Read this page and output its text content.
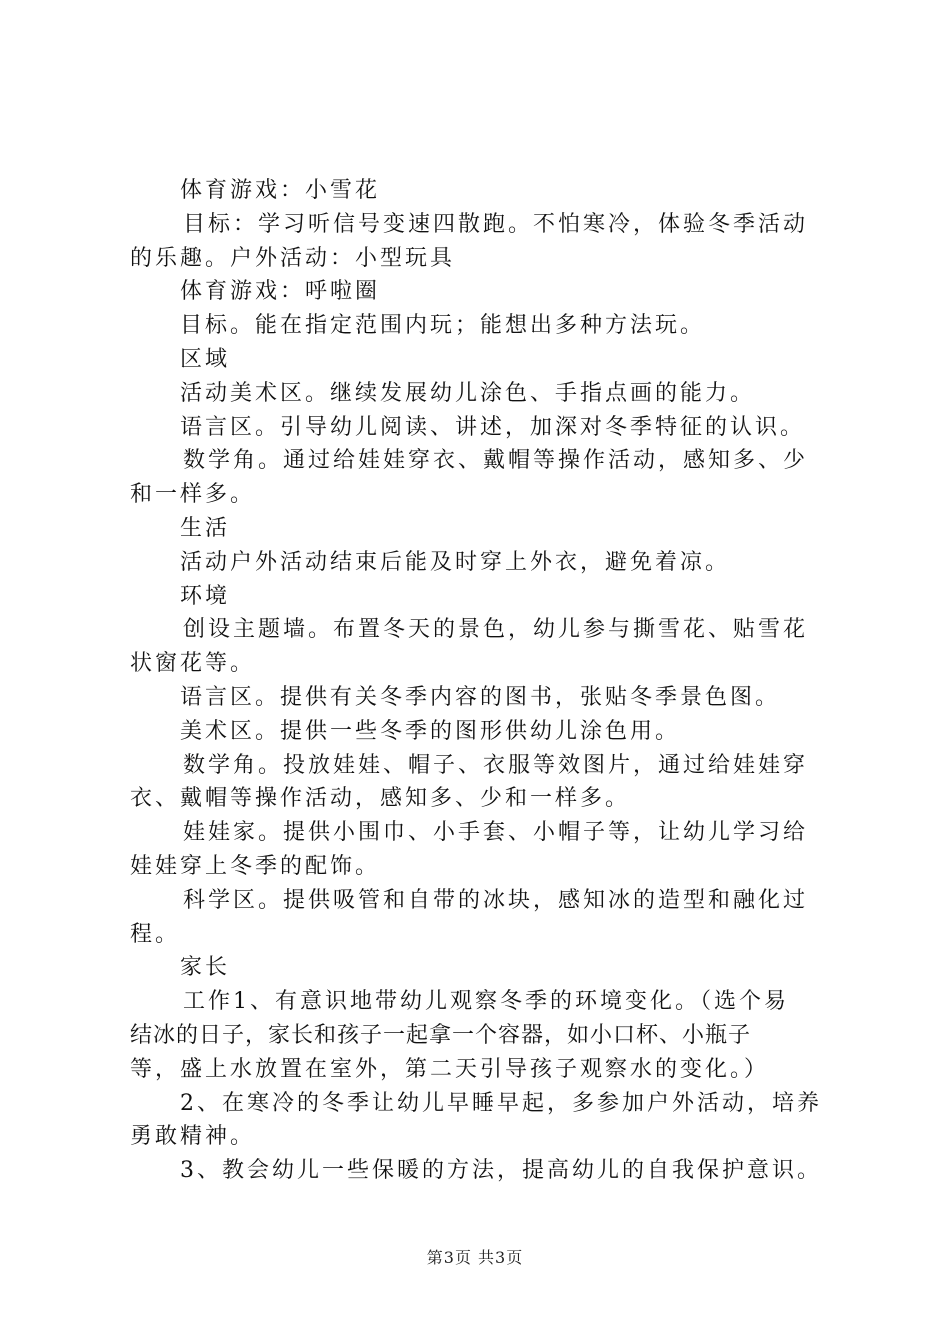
体育游戏：小雪花

目标：学习听信号变速四散跑。不怕寒冷，体验冬季活动

的乐趣。户外活动：小型玩具

体育游戏：呼啦圈

目标。能在指定范围内玩；能想出多种方法玩。

区域

活动美术区。继续发展幼儿涂色、手指点画的能力。

语言区。引导幼儿阅读、讲述，加深对冬季特征的认识。

数学角。通过给娃娃穿衣、戴帽等操作活动，感知多、少

和一样多。

生活

活动户外活动结束后能及时穿上外衣，避免着凉。

环境

创设主题墙。布置冬天的景色，幼儿参与撕雪花、贴雪花

状窗花等。

语言区。提供有关冬季内容的图书，张贴冬季景色图。

美术区。提供一些冬季的图形供幼儿涂色用。

数学角。投放娃娃、帽子、衣服等效图片，通过给娃娃穿

衣、戴帽等操作活动，感知多、少和一样多。

娃娃家。提供小围巾、小手套、小帽子等，让幼儿学习给

娃娃穿上冬季的配饰。

科学区。提供吸管和自带的冰块，感知冰的造型和融化过

程。

家长

工作1、有意识地带幼儿观察冬季的环境变化。（选个易

结冰的日子，家长和孩子一起拿一个容器，如小口杯、小瓶子

等，盛上水放置在室外，第二天引导孩子观察水的变化。）

2、在寒冷的冬季让幼儿早睡早起，多参加户外活动，培养

勇敢精神。

3、教会幼儿一些保暖的方法，提高幼儿的自我保护意识。

第3页 共3页
